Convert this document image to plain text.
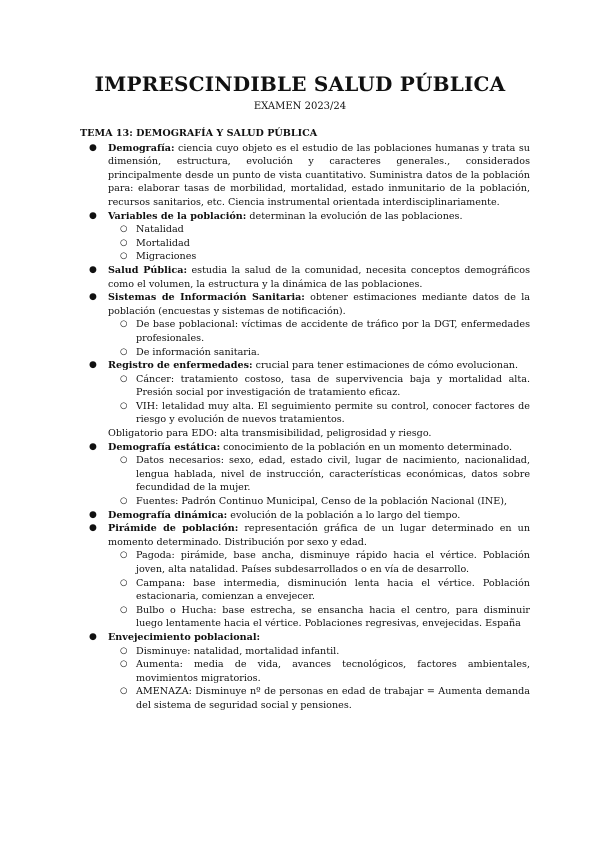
IMPRESCINDIBLE SALUD PÚBLICA
EXAMEN 2023/24
TEMA 13: DEMOGRAFÍA Y SALUD PÚBLICA
● Demografía: ciencia cuyo objeto es el estudio de las poblaciones humanas y trata su dimensión, estructura, evolución y caracteres generales., considerados principalmente desde un punto de vista cuantitativo. Suministra datos de la población para: elaborar tasas de morbilidad, mortalidad, estado inmunitario de la población, recursos sanitarios, etc. Ciencia instrumental orientada interdisciplinariamente.
● Variables de la población: determinan la evolución de las poblaciones.
○ Natalidad
○ Mortalidad
○ Migraciones
● Salud Pública: estudia la salud de la comunidad, necesita conceptos demográficos como el volumen, la estructura y la dinámica de las poblaciones.
● Sistemas de Información Sanitaria: obtener estimaciones mediante datos de la población (encuestas y sistemas de notificación).
○ De base poblacional: víctimas de accidente de tráfico por la DGT, enfermedades profesionales.
○ De información sanitaria.
● Registro de enfermedades: crucial para tener estimaciones de cómo evolucionan.
○ Cáncer: tratamiento costoso, tasa de supervivencia baja y mortalidad alta. Presión social por investigación de tratamiento eficaz.
○ VIH: letalidad muy alta. El seguimiento permite su control, conocer factores de riesgo y evolución de nuevos tratamientos.
Obligatorio para EDO: alta transmisibilidad, peligrosidad y riesgo.
● Demografía estática: conocimiento de la población en un momento determinado.
○ Datos necesarios: sexo, edad, estado civil, lugar de nacimiento, nacionalidad, lengua hablada, nivel de instrucción, características económicas, datos sobre fecundidad de la mujer.
○ Fuentes: Padrón Continuo Municipal, Censo de la población Nacional (INE),
● Demografía dinámica: evolución de la población a lo largo del tiempo.
● Pirámide de población: representación gráfica de un lugar determinado en un momento determinado. Distribución por sexo y edad.
○ Pagoda: pirámide, base ancha, disminuye rápido hacia el vértice. Población joven, alta natalidad. Países subdesarrollados o en vía de desarrollo.
○ Campana: base intermedia, disminución lenta hacia el vértice. Población estacionaria, comienzan a envejecer.
○ Bulbo o Hucha: base estrecha, se ensancha hacia el centro, para disminuir luego lentamente hacia el vértice. Poblaciones regresivas, envejecidas. España
● Envejecimiento poblacional:
○ Disminuye: natalidad, mortalidad infantil.
○ Aumenta: media de vida, avances tecnológicos, factores ambientales, movimientos migratorios.
○ AMENAZA: Disminuye nº de personas en edad de trabajar = Aumenta demanda del sistema de seguridad social y pensiones.
